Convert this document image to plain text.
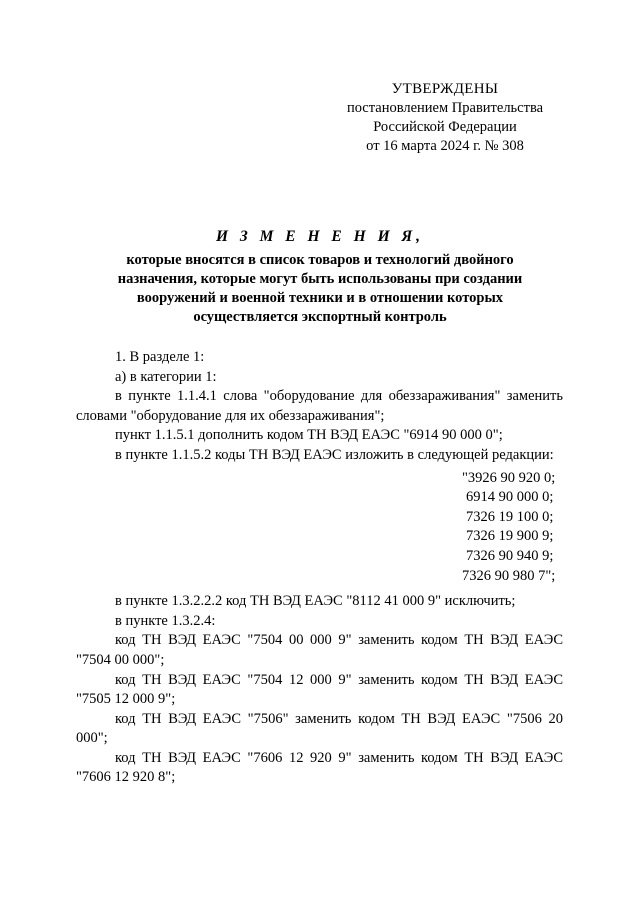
УТВЕРЖДЕНЫ
постановлением Правительства
Российской Федерации
от 16 марта 2024 г. № 308
И З М Е Н Е Н И Я,
которые вносятся в список товаров и технологий двойного
назначения, которые могут быть использованы при создании
вооружений и военной техники и в отношении которых
осуществляется экспортный контроль

1. В разделе 1:

а) в категории 1:

в пункте 1.1.4.1 слова "оборудование для обеззараживания" заменить словами "оборудование для их обеззараживания";

пункт 1.1.5.1 дополнить кодом ТН ВЭД ЕАЭС "6914 90 000 0";

в пункте 1.1.5.2 коды ТН ВЭД ЕАЭС изложить в следующей редакции:

"3926 90 920 0;
6914 90 000 0;
7326 19 100 0;
7326 19 900 9;
7326 90 940 9;
7326 90 980 7";

в пункте 1.3.2.2.2 код ТН ВЭД ЕАЭС "8112 41 000 9" исключить;

в пункте 1.3.2.4:

код ТН ВЭД ЕАЭС "7504 00 000 9" заменить кодом ТН ВЭД ЕАЭС "7504 00 000";

код ТН ВЭД ЕАЭС "7504 12 000 9" заменить кодом ТН ВЭД ЕАЭС "7505 12 000 9";

код ТН ВЭД ЕАЭС "7506" заменить кодом ТН ВЭД ЕАЭС "7506 20 000";

код ТН ВЭД ЕАЭС "7606 12 920 9" заменить кодом ТН ВЭД ЕАЭС "7606 12 920 8";
